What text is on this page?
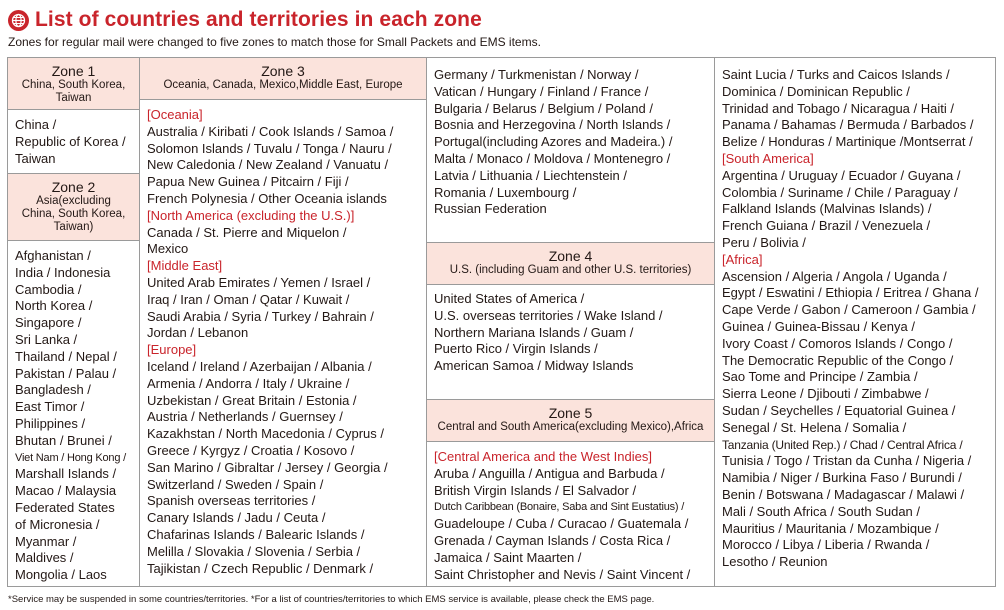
List of countries and territories in each zone
Zones for regular mail were changed to five zones to match those for Small Packets and EMS items.
Zone 1
China, South Korea,
Taiwan
China /
Republic of Korea /
Taiwan
Zone 2
Asia(excluding
China, South Korea,
Taiwan)
Afghanistan /
India / Indonesia
Cambodia /
North Korea /
Singapore /
Sri Lanka /
Thailand / Nepal /
Pakistan / Palau /
Bangladesh /
East Timor /
Philippines /
Bhutan / Brunei /
Viet Nam / Hong Kong /
Marshall Islands /
Macao / Malaysia
Federated States
of Micronesia /
Myanmar /
Maldives /
Mongolia / Laos
Zone 3
Oceania, Canada, Mexico,Middle East, Europe
[Oceania]
Australia / Kiribati / Cook Islands / Samoa /
Solomon Islands / Tuvalu / Tonga / Nauru /
New Caledonia / New Zealand / Vanuatu /
Papua New Guinea / Pitcairn / Fiji /
French Polynesia / Other Oceania islands
[North America (excluding the U.S.)]
Canada / St. Pierre and Miquelon /
Mexico
[Middle East]
United Arab Emirates / Yemen / Israel /
Iraq / Iran / Oman / Qatar / Kuwait /
Saudi Arabia / Syria / Turkey / Bahrain /
Jordan / Lebanon
[Europe]
Iceland / Ireland / Azerbaijan / Albania /
Armenia / Andorra / Italy / Ukraine /
Uzbekistan / Great Britain / Estonia /
Austria / Netherlands / Guernsey /
Kazakhstan / North Macedonia / Cyprus /
Greece / Kyrgyz / Croatia / Kosovo /
San Marino / Gibraltar / Jersey / Georgia /
Switzerland / Sweden / Spain /
Spanish overseas territories /
Canary Islands / Jadu / Ceuta /
Chafarinas Islands / Balearic Islands /
Melilla / Slovakia / Slovenia / Serbia /
Tajikistan / Czech Republic / Denmark /
Germany / Turkmenistan / Norway /
Vatican / Hungary / Finland / France /
Bulgaria / Belarus / Belgium / Poland /
Bosnia and Herzegovina / North Islands /
Portugal(including Azores and Madeira.) /
Malta / Monaco / Moldova / Montenegro /
Latvia / Lithuania / Liechtenstein /
Romania / Luxembourg /
Russian Federation
Zone 4
U.S. (including Guam and other U.S. territories)
United States of America /
U.S. overseas territories / Wake Island /
Northern Mariana Islands / Guam /
Puerto Rico / Virgin Islands /
American Samoa / Midway Islands
Zone 5
Central and South America(excluding Mexico),Africa
[Central America and the West Indies]
Aruba / Anguilla / Antigua and Barbuda /
British Virgin Islands / El Salvador /
Dutch Caribbean (Bonaire, Saba and Sint Eustatius) /
Guadeloupe / Cuba / Curacao / Guatemala /
Grenada / Cayman Islands / Costa Rica /
Jamaica / Saint Maarten /
Saint Christopher and Nevis / Saint Vincent /
Saint Lucia / Turks and Caicos Islands /
Dominica / Dominican Republic /
Trinidad and Tobago / Nicaragua / Haiti /
Panama / Bahamas / Bermuda / Barbados /
Belize / Honduras / Martinique /Montserrat /
[South America]
Argentina / Uruguay / Ecuador / Guyana /
Colombia / Suriname / Chile / Paraguay /
Falkland Islands (Malvinas Islands) /
French Guiana / Brazil / Venezuela /
Peru / Bolivia /
[Africa]
Ascension / Algeria / Angola / Uganda /
Egypt / Eswatini / Ethiopia / Eritrea / Ghana /
Cape Verde / Gabon / Cameroon / Gambia /
Guinea / Guinea-Bissau / Kenya /
Ivory Coast / Comoros Islands / Congo /
The Democratic Republic of the Congo /
Sao Tome and Principe / Zambia /
Sierra Leone / Djibouti / Zimbabwe /
Sudan / Seychelles / Equatorial Guinea /
Senegal / St. Helena / Somalia /
Tanzania (United Rep.) / Chad / Central Africa /
Tunisia / Togo / Tristan da Cunha / Nigeria /
Namibia / Niger / Burkina Faso / Burundi /
Benin / Botswana / Madagascar / Malawi /
Mali / South Africa / South Sudan /
Mauritius / Mauritania / Mozambique /
Morocco / Libya / Liberia / Rwanda /
Lesotho / Reunion
*Service may be suspended in some countries/territories. *For a list of countries/territories to which EMS service is available, please check the EMS page.
